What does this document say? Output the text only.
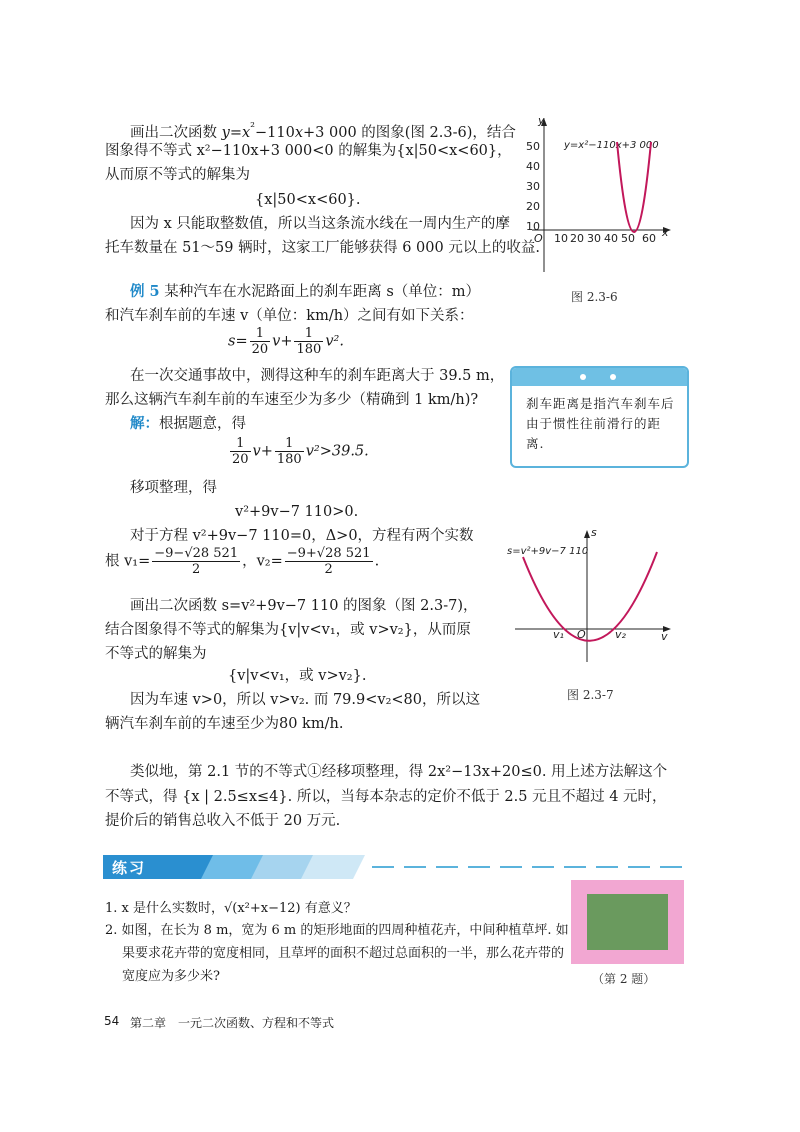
画出二次函数 $y=x^{^2}-110x+3$ 000 的图象(图 2.3-6)，结合
图象得不等式 x²−110x+3 000<0 的解集为{x|50<x<60}，
从而原不等式的解集为
{x|50<x<60}.
因为 x 只能取整数值，所以当这条流水线在一周内生产的摩
托车数量在 51～59 辆时，这家工厂能够获得 6 000 元以上的收益.
y
x
O
50
40
30
20
10
10 20 30 40 50 60
y=x²−110x+3 000
图 2.3-6
例 5 某种汽车在水泥路面上的刹车距离 s（单位：m）
和汽车刹车前的车速 v（单位：km/h）之间有如下关系：
$s= \frac{1}{20} v+ \frac{1}{180} v^2$.
在一次交通事故中，测得这种车的刹车距离大于 39.5 m，
那么这辆汽车刹车前的车速至少为多少（精确到 1 km/h)?	刹车距离是指汽车刹车后由于惯性往前滑行的距离.
解：根据题意，得
$\frac{1}{20} v+ \frac{1}{180} v^2>39.5$.
移项整理，得
v²+9v−7 110>0.
对于方程 v²+9v−7 110=0，Δ>0，方程有两个实数
根 $v_1= \frac{-9-√28 521}{2}$ ，$v_2= \frac{-9+√28 521}{2}$ .
画出二次函数 s=v²+9v−7 110 的图象（图 2.3-7)，
结合图象得不等式的解集为{v|v<v₁，或 v>v₂}，从而原
不等式的解集为
{v|v<v₁，或 v>v₂}.
因为车速 v>0，所以 v>v₂. 而 79.9<v₂<80，所以这
辆汽车刹车前的车速至少为80 km/h.
s
v
O
v₁	v₂
s=v²+9v−7 110
图 2.3-7
类似地，第 2.1 节的不等式①经移项整理，得 2x²−13x+20≤0. 用上述方法解这个
不等式，得 {x | 2.5≤x≤4}. 所以，当每本杂志的定价不低于 2.5 元且不超过 4 元时，
提价后的销售总收入不低于 20 万元.
练习
1. x 是什么实数时，√(x²+x−12) 有意义？
2. 如图，在长为 8 m，宽为 6 m 的矩形地面的四周种植花卉，中间种植草坪. 如
果要求花卉带的宽度相同，且草坪的面积不超过总面积的一半，那么花卉带的
宽度应为多少米?	（第 2 题）
54 第二章　一元二次函数、方程和不等式
